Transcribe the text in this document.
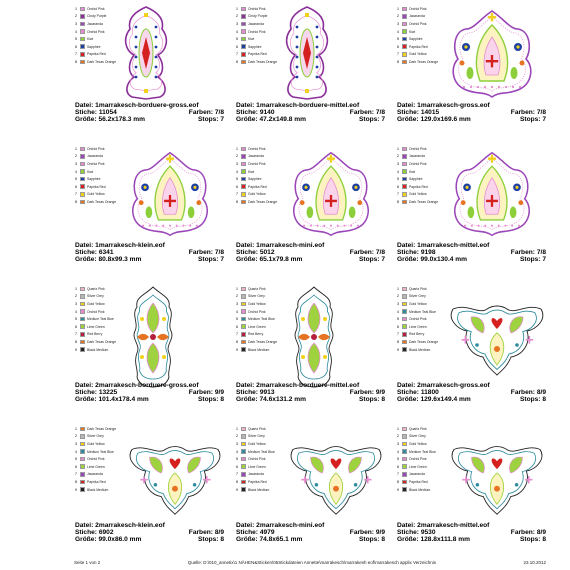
1	Orchid Pink
2	Cindy Purple
3	Jacaranda
4	Orchid Pink
5	Kiwi
6	Sapphire
7	Paprika Red
8	Dark Texas Orange
Datei: 1marrakesch-borduere-gross.eof
Stiche: 11054	Farben: 7/8
Größe: 56.2x178.3 mm	Stops: 7
1	Orchid Pink
2	Cindy Purple
3	Jacaranda
4	Orchid Pink
5	Kiwi
6	Sapphire
7	Paprika Red
8	Dark Texas Orange
Datei: 1marrakesch-borduere-mittel.eof
Stiche: 9140	Farben: 7/8
Größe: 47.2x149.8 mm	Stops: 7
1	Orchid Pink
2	Jacaranda
3	Orchid Pink
4	Kiwi
5	Sapphire
6	Paprika Red
7	Gold Yellow
8	Dark Texas Orange
Datei: 1marrakesch-gross.eof
Stiche: 14015	Farben: 7/8
Größe: 129.0x169.6 mm	Stops: 7
1	Orchid Pink
2	Jacaranda
3	Orchid Pink
4	Kiwi
5	Sapphire
6	Paprika Red
7	Gold Yellow
8	Dark Texas Orange
Datei: 1marrakesch-klein.eof
Stiche: 6341	Farben: 7/8
Größe: 80.8x99.3 mm	Stops: 7
1	Orchid Pink
2	Jacaranda
3	Orchid Pink
4	Kiwi
5	Sapphire
6	Paprika Red
7	Gold Yellow
8	Dark Texas Orange
Datei: 1marrakesch-mini.eof
Stiche: 5012	Farben: 7/8
Größe: 65.1x79.8 mm	Stops: 7
1	Orchid Pink
2	Jacaranda
3	Orchid Pink
4	Kiwi
5	Sapphire
6	Paprika Red
7	Gold Yellow
8	Dark Texas Orange
Datei: 1marrakesch-mittel.eof
Stiche: 9198	Farben: 7/8
Größe: 99.0x130.4 mm	Stops: 7
1	Quartz Pink
2	Silver Grey
3	Gold Yellow
4	Orchid Pink
5	Medium Teal Blue
6	Lime Green
7	Red Berry
8	Dark Texas Orange
9	Black Medium
Datei: 2marrakesch-borduere-gross.eof
Stiche: 13225	Farben: 9/9
Größe: 101.4x178.4 mm	Stops: 8
1	Quartz Pink
2	Silver Grey
3	Gold Yellow
4	Orchid Pink
5	Medium Teal Blue
6	Lime Green
7	Red Berry
8	Dark Texas Orange
9	Black Medium
Datei: 2marrakesch-borduere-mittel.eof
Stiche: 9913	Farben: 9/9
Größe: 74.6x131.2 mm	Stops: 8
1	Quartz Pink
2	Silver Grey
3	Gold Yellow
4	Medium Teal Blue
5	Orchid Pink
6	Lime Green
7	Red Berry
8	Dark Texas Orange
9	Black Medium
Datei: 2marrakesch-gross.eof
Stiche: 11800	Farben: 8/9
Größe: 129.6x149.4 mm	Stops: 8
1	Dark Texas Orange
2	Silver Grey
3	Gold Yellow
4	Medium Teal Blue
5	Orchid Pink
6	Lime Green
7	Jacaranda
8	Paprika Red
9	Black Medium
Datei: 2marrakesch-klein.eof
Stiche: 6902	Farben: 8/9
Größe: 99.0x86.0 mm	Stops: 8
1	Quartz Pink
2	Silver Grey
3	Gold Yellow
4	Medium Teal Blue
5	Orchid Pink
6	Lime Green
7	Jacaranda
8	Paprika Red
9	Black Medium
Datei: 2marrakesch-mini.eof
Stiche: 4979	Farben: 9/9
Größe: 74.8x65.1 mm	Stops: 8
1	Quartz Pink
2	Silver Grey
3	Gold Yellow
4	Medium Teal Blue
5	Orchid Pink
6	Lime Green
7	Jacaranda
8	Paprika Red
9	Black Medium
Datei: 2marrakesch-mittel.eof
Stiche: 9530	Farben: 8/9
Größe: 128.8x111.8 mm	Stops: 8
Seite 1 von 2	Quelle: D:\010_annetix\1 NÄHEN&Sticken\05Stickdateien Annette\marrakesch\marrakesh eof\marrakesch applix Verzeichnis	23.10.2012
